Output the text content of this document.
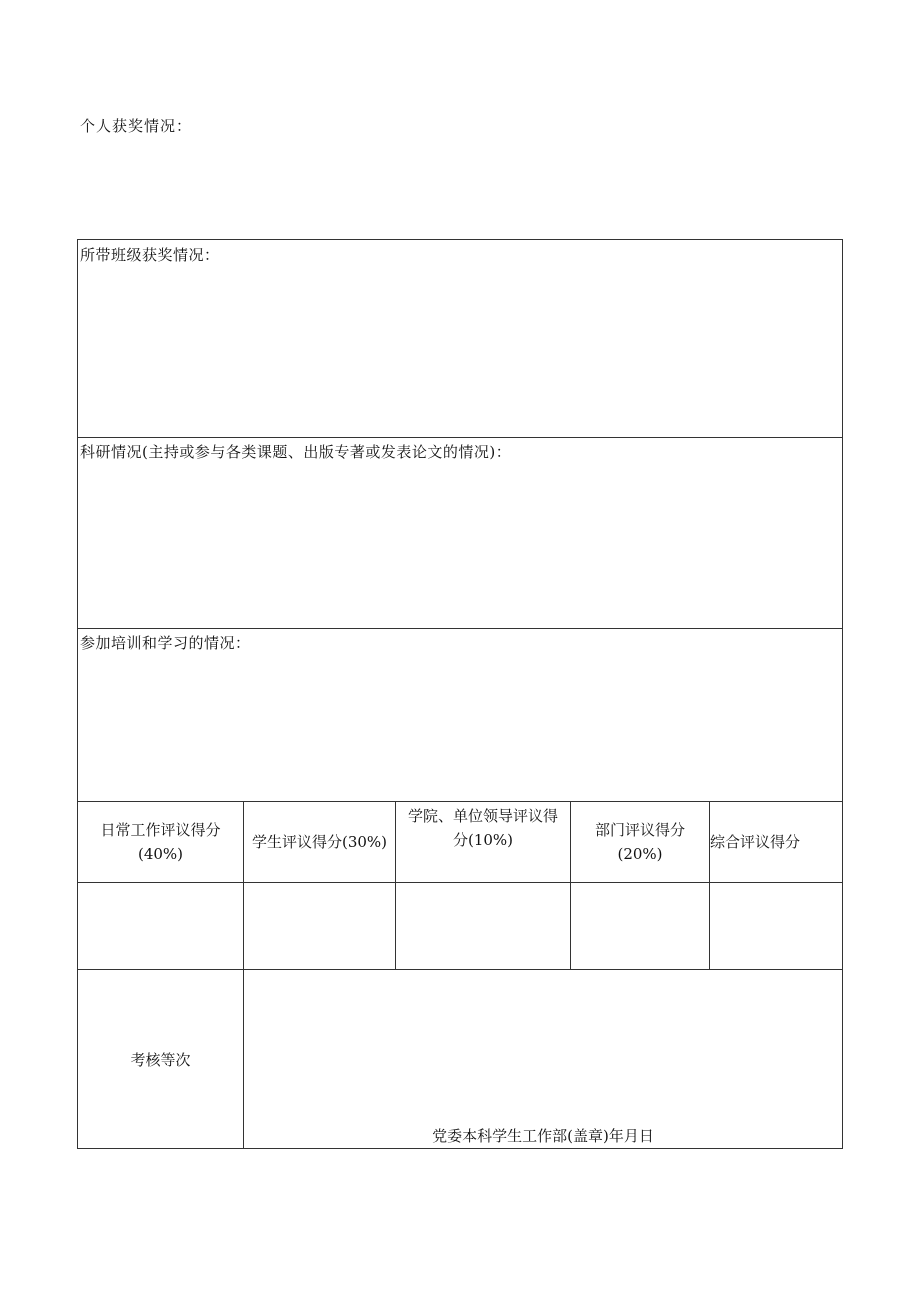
个人获奖情况：
所带班级获奖情况：
科研情况(主持或参与各类课题、出版专著或发表论文的情况)：
参加培训和学习的情况：
日常工作评议得分
(40%)
学生评议得分(30%)
学院、单位领导评议得
分(10%)
部门评议得分
(20%)
综合评议得分
考核等次
党委本科学生工作部(盖章)年月日
